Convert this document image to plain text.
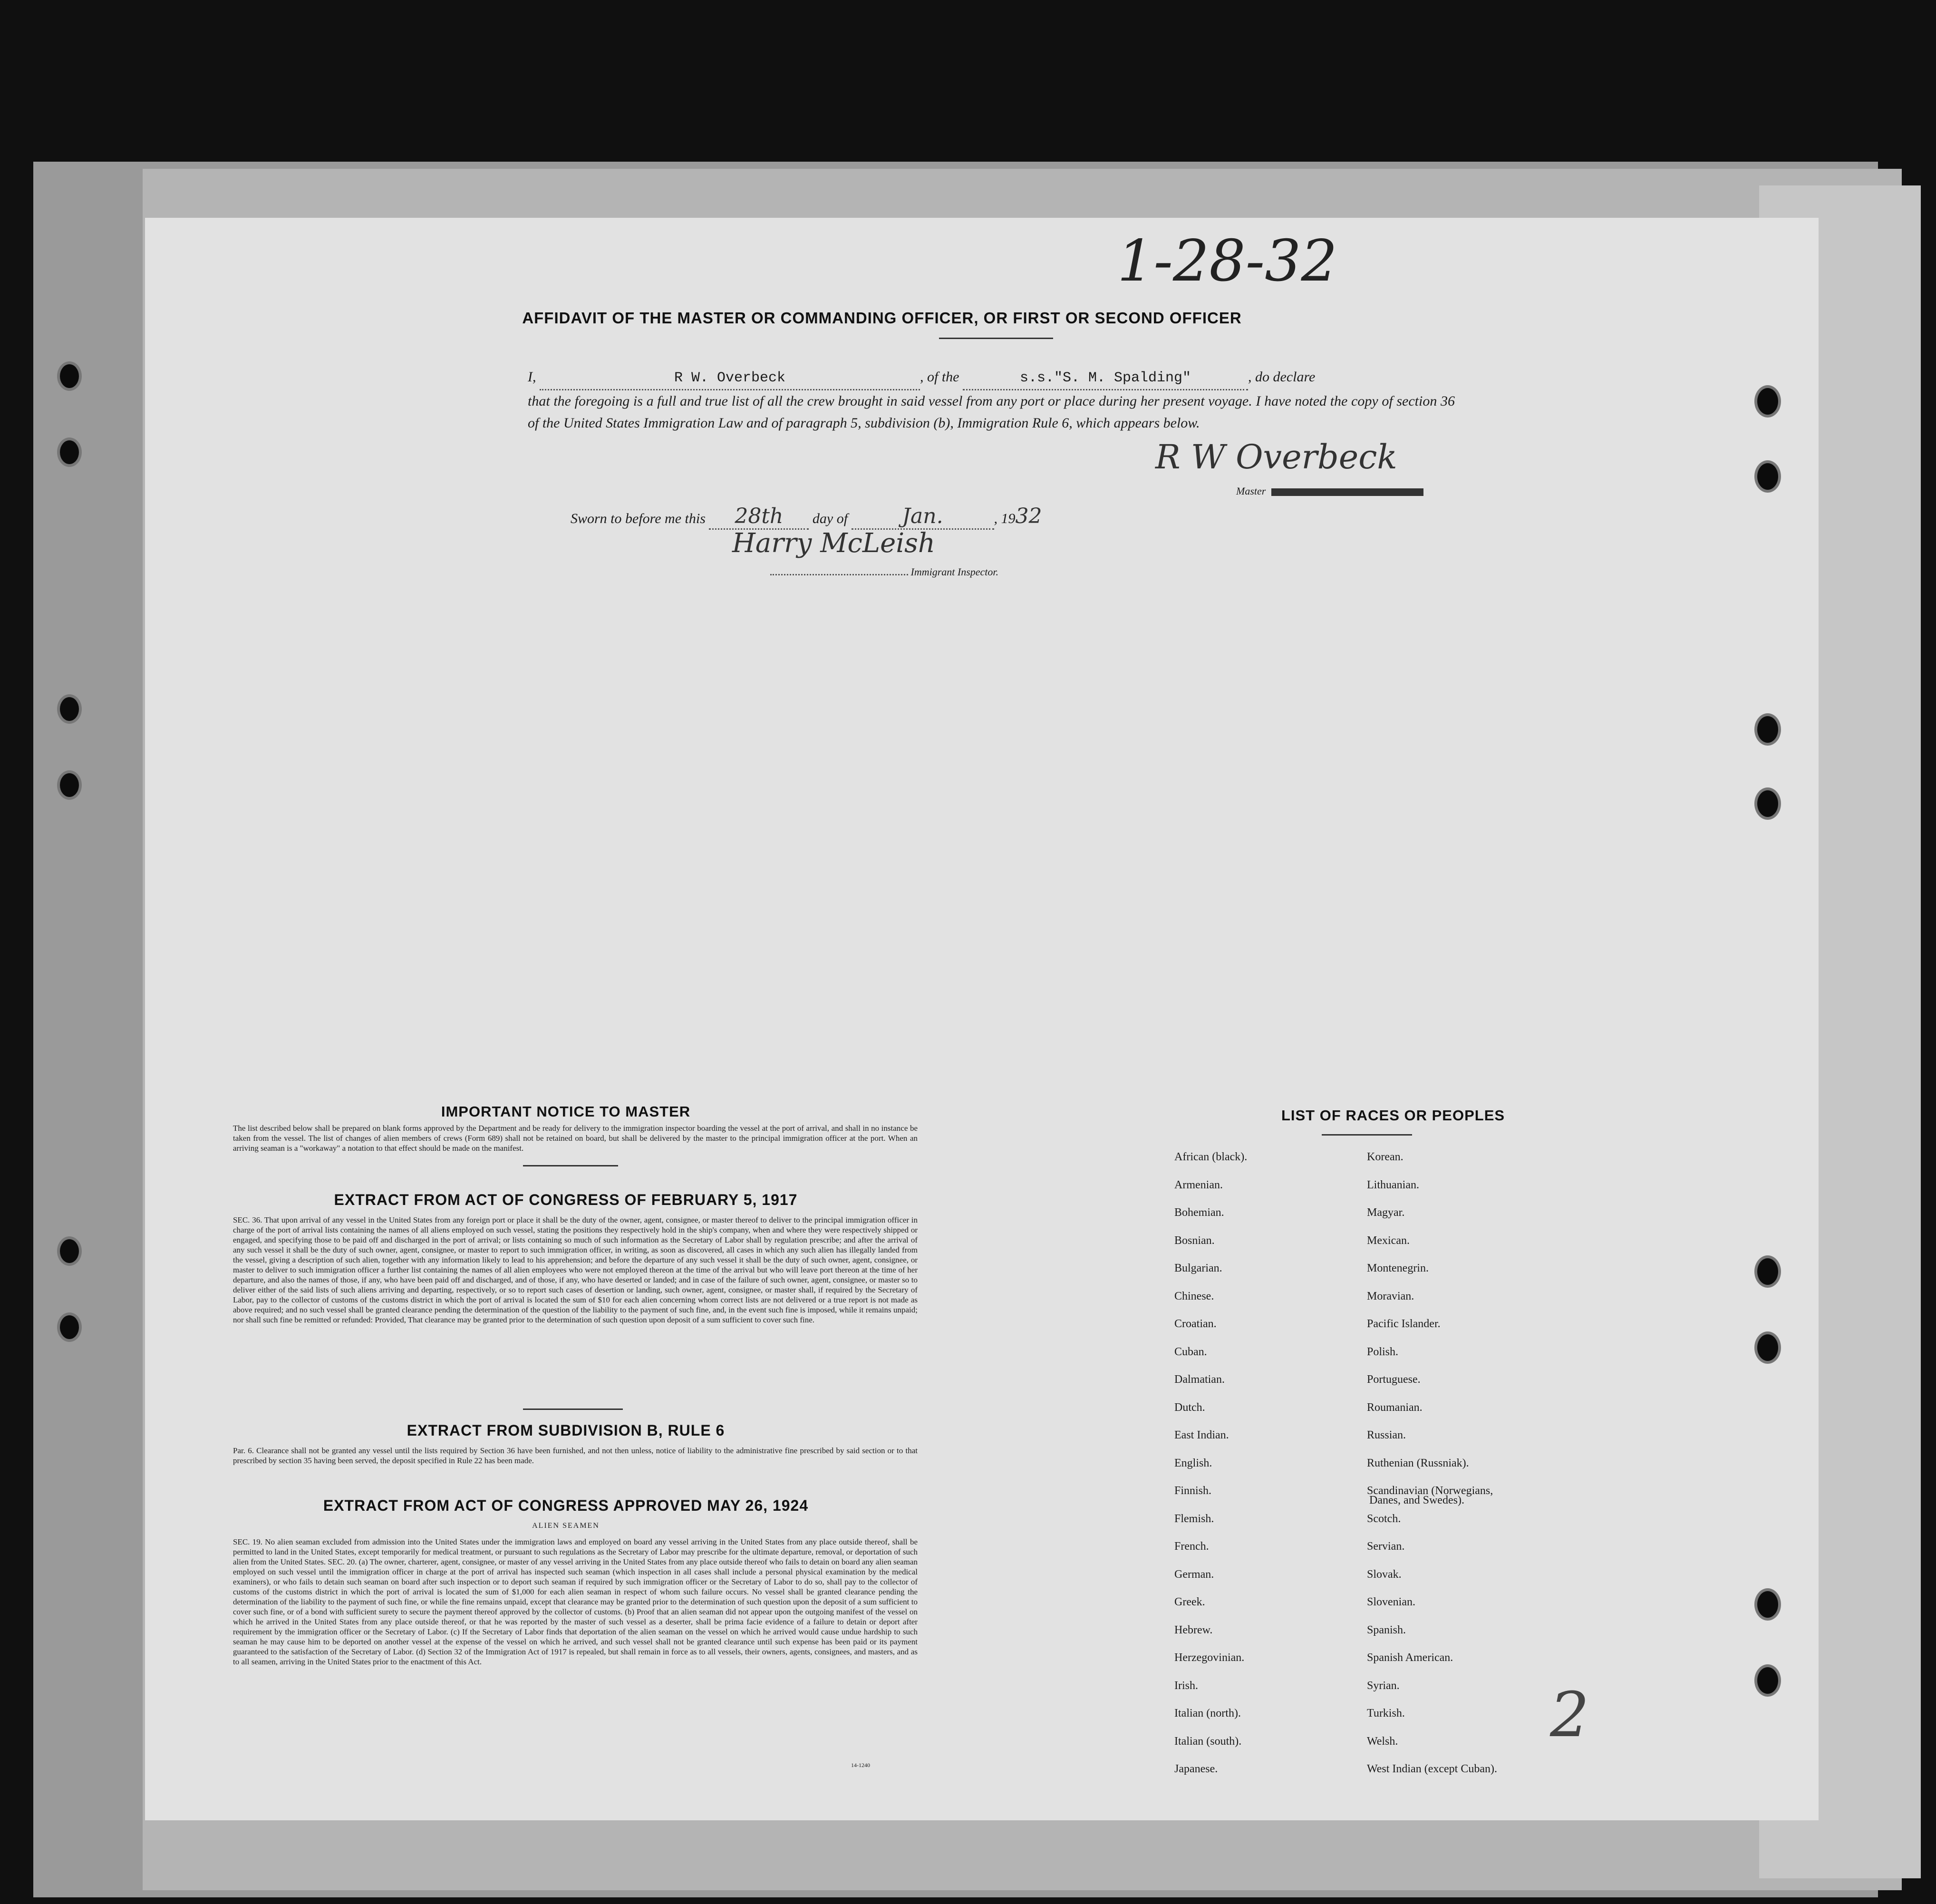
1-28-32
AFFIDAVIT OF THE MASTER OR COMMANDING OFFICER, OR FIRST OR SECOND OFFICER
I,	R W. Overbeck	, of the	s.s."S. M. Spalding"	, do declare
that the foregoing is a full and true list of all the crew brought in said vessel from any port or place during her present voyage. I have noted the copy of section 36 of the United States Immigration Law and of paragraph 5, subdivision (b), Immigration Rule 6, which appears below.
R W Overbeck
Master
Sworn to before me this 28th day of	Jan.	, 1932
Harry McLeish
Immigrant Inspector.
IMPORTANT NOTICE TO MASTER
The list described below shall be prepared on blank forms approved by the Department and be ready for delivery to the immigration inspector boarding the vessel at the port of arrival, and shall in no instance be taken from the vessel. The list of changes of alien members of crews (Form 689) shall not be retained on board, but shall be delivered by the master to the principal immigration officer at the port. When an arriving seaman is a "workaway" a notation to that effect should be made on the manifest.
EXTRACT FROM ACT OF CONGRESS OF FEBRUARY 5, 1917
SEC. 36. That upon arrival of any vessel in the United States from any foreign port or place it shall be the duty of the owner, agent, consignee, or master thereof to deliver to the principal immigration officer in charge of the port of arrival lists containing the names of all aliens employed on such vessel, stating the positions they respectively hold in the ship's company, when and where they were respectively shipped or engaged, and specifying those to be paid off and discharged in the port of arrival; or lists containing so much of such information as the Secretary of Labor shall by regulation prescribe; and after the arrival of any such vessel it shall be the duty of such owner, agent, consignee, or master to report to such immigration officer, in writing, as soon as discovered, all cases in which any such alien has illegally landed from the vessel, giving a description of such alien, together with any information likely to lead to his apprehension; and before the departure of any such vessel it shall be the duty of such owner, agent, consignee, or master to deliver to such immigration officer a further list containing the names of all alien employees who were not employed thereon at the time of the arrival but who will leave port thereon at the time of her departure, and also the names of those, if any, who have been paid off and discharged, and of those, if any, who have deserted or landed; and in case of the failure of such owner, agent, consignee, or master so to deliver either of the said lists of such aliens arriving and departing, respectively, or so to report such cases of desertion or landing, such owner, agent, consignee, or master shall, if required by the Secretary of Labor, pay to the collector of customs of the customs district in which the port of arrival is located the sum of $10 for each alien concerning whom correct lists are not delivered or a true report is not made as above required; and no such vessel shall be granted clearance pending the determination of the question of the liability to the payment of such fine, and, in the event such fine is imposed, while it remains unpaid; nor shall such fine be remitted or refunded: Provided, That clearance may be granted prior to the determination of such question upon deposit of a sum sufficient to cover such fine.
EXTRACT FROM SUBDIVISION B, RULE 6
Par. 6. Clearance shall not be granted any vessel until the lists required by Section 36 have been furnished, and not then unless, notice of liability to the administrative fine prescribed by said section or to that prescribed by section 35 having been served, the deposit specified in Rule 22 has been made.
EXTRACT FROM ACT OF CONGRESS APPROVED MAY 26, 1924
ALIEN SEAMEN
SEC. 19. No alien seaman excluded from admission into the United States under the immigration laws and employed on board any vessel arriving in the United States from any place outside thereof, shall be permitted to land in the United States, except temporarily for medical treatment, or pursuant to such regulations as the Secretary of Labor may prescribe for the ultimate departure, removal, or deportation of such alien from the United States. SEC. 20. (a) The owner, charterer, agent, consignee, or master of any vessel arriving in the United States from any place outside thereof who fails to detain on board any alien seaman employed on such vessel until the immigration officer in charge at the port of arrival has inspected such seaman (which inspection in all cases shall include a personal physical examination by the medical examiners), or who fails to detain such seaman on board after such inspection or to deport such seaman if required by such immigration officer or the Secretary of Labor to do so, shall pay to the collector of customs of the customs district in which the port of arrival is located the sum of $1,000 for each alien seaman in respect of whom such failure occurs. No vessel shall be granted clearance pending the determination of the liability to the payment of such fine, or while the fine remains unpaid, except that clearance may be granted prior to the determination of such question upon the deposit of a sum sufficient to cover such fine, or of a bond with sufficient surety to secure the payment thereof approved by the collector of customs. (b) Proof that an alien seaman did not appear upon the outgoing manifest of the vessel on which he arrived in the United States from any place outside thereof, or that he was reported by the master of such vessel as a deserter, shall be prima facie evidence of a failure to detain or deport after requirement by the immigration officer or the Secretary of Labor. (c) If the Secretary of Labor finds that deportation of the alien seaman on the vessel on which he arrived would cause undue hardship to such seaman he may cause him to be deported on another vessel at the expense of the vessel on which he arrived, and such vessel shall not be granted clearance until such expense has been paid or its payment guaranteed to the satisfaction of the Secretary of Labor. (d) Section 32 of the Immigration Act of 1917 is repealed, but shall remain in force as to all vessels, their owners, agents, consignees, and masters, and as to all seamen, arriving in the United States prior to the enactment of this Act.
14-1240
LIST OF RACES OR PEOPLES
African (black).
Armenian.
Bohemian.
Bosnian.
Bulgarian.
Chinese.
Croatian.
Cuban.
Dalmatian.
Dutch.
East Indian.
English.
Finnish.
Flemish.
French.
German.
Greek.
Hebrew.
Herzegovinian.
Irish.
Italian (north).
Italian (south).
Japanese.
Korean.
Lithuanian.
Magyar.
Mexican.
Montenegrin.
Moravian.
Pacific Islander.
Polish.
Portuguese.
Roumanian.
Russian.
Ruthenian (Russniak).
Scandinavian (Norwegians,
Scotch.
Servian.
Slovak.
Slovenian.
Spanish.
Spanish American.
Syrian.
Turkish.
Welsh.
West Indian (except Cuban).
Danes, and Swedes).
2
